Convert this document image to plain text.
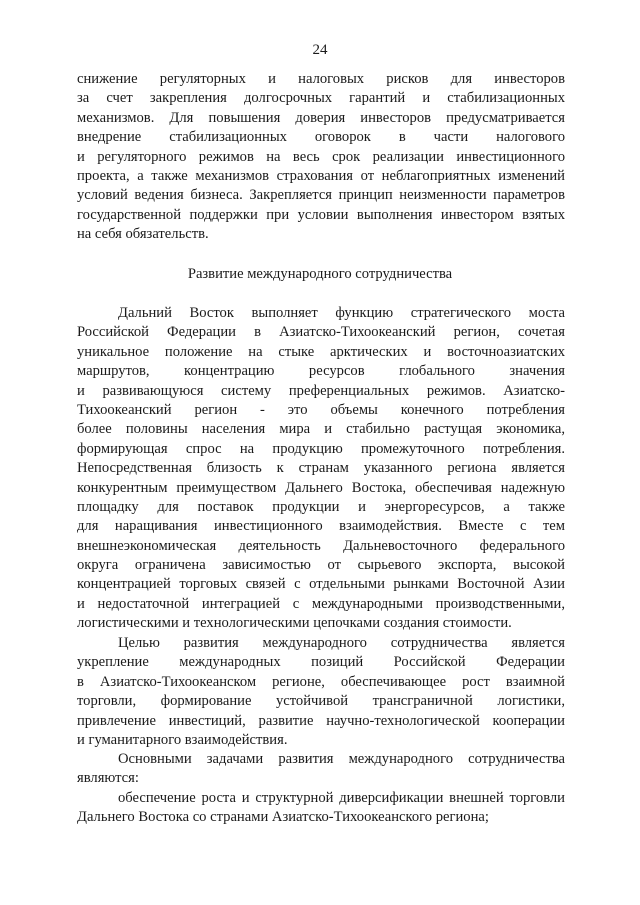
24
снижение регуляторных и налоговых рисков для инвесторов
за счет закрепления долгосрочных гарантий и стабилизационных
механизмов. Для повышения доверия инвесторов предусматривается
внедрение стабилизационных оговорок в части налогового
и регуляторного режимов на весь срок реализации инвестиционного
проекта, а также механизмов страхования от неблагоприятных изменений
условий ведения бизнеса. Закрепляется принцип неизменности параметров
государственной поддержки при условии выполнения инвестором взятых
на себя обязательств.
Развитие международного сотрудничества
Дальний Восток выполняет функцию стратегического моста
Российской Федерации в Азиатско-Тихоокеанский регион, сочетая
уникальное положение на стыке арктических и восточноазиатских
маршрутов, концентрацию ресурсов глобального значения
и развивающуюся систему преференциальных режимов. Азиатско-
Тихоокеанский регион - это объемы конечного потребления
более половины населения мира и стабильно растущая экономика,
формирующая спрос на продукцию промежуточного потребления.
Непосредственная близость к странам указанного региона является
конкурентным преимуществом Дальнего Востока, обеспечивая надежную
площадку для поставок продукции и энергоресурсов, а также
для наращивания инвестиционного взаимодействия. Вместе с тем
внешнеэкономическая деятельность Дальневосточного федерального
округа ограничена зависимостью от сырьевого экспорта, высокой
концентрацией торговых связей с отдельными рынками Восточной Азии
и недостаточной интеграцией с международными производственными,
логистическими и технологическими цепочками создания стоимости.
Целью развития международного сотрудничества является
укрепление международных позиций Российской Федерации
в Азиатско-Тихоокеанском регионе, обеспечивающее рост взаимной
торговли, формирование устойчивой трансграничной логистики,
привлечение инвестиций, развитие научно-технологической кооперации
и гуманитарного взаимодействия.
Основными задачами развития международного сотрудничества
являются:
обеспечение роста и структурной диверсификации внешней торговли
Дальнего Востока со странами Азиатско-Тихоокеанского региона;
